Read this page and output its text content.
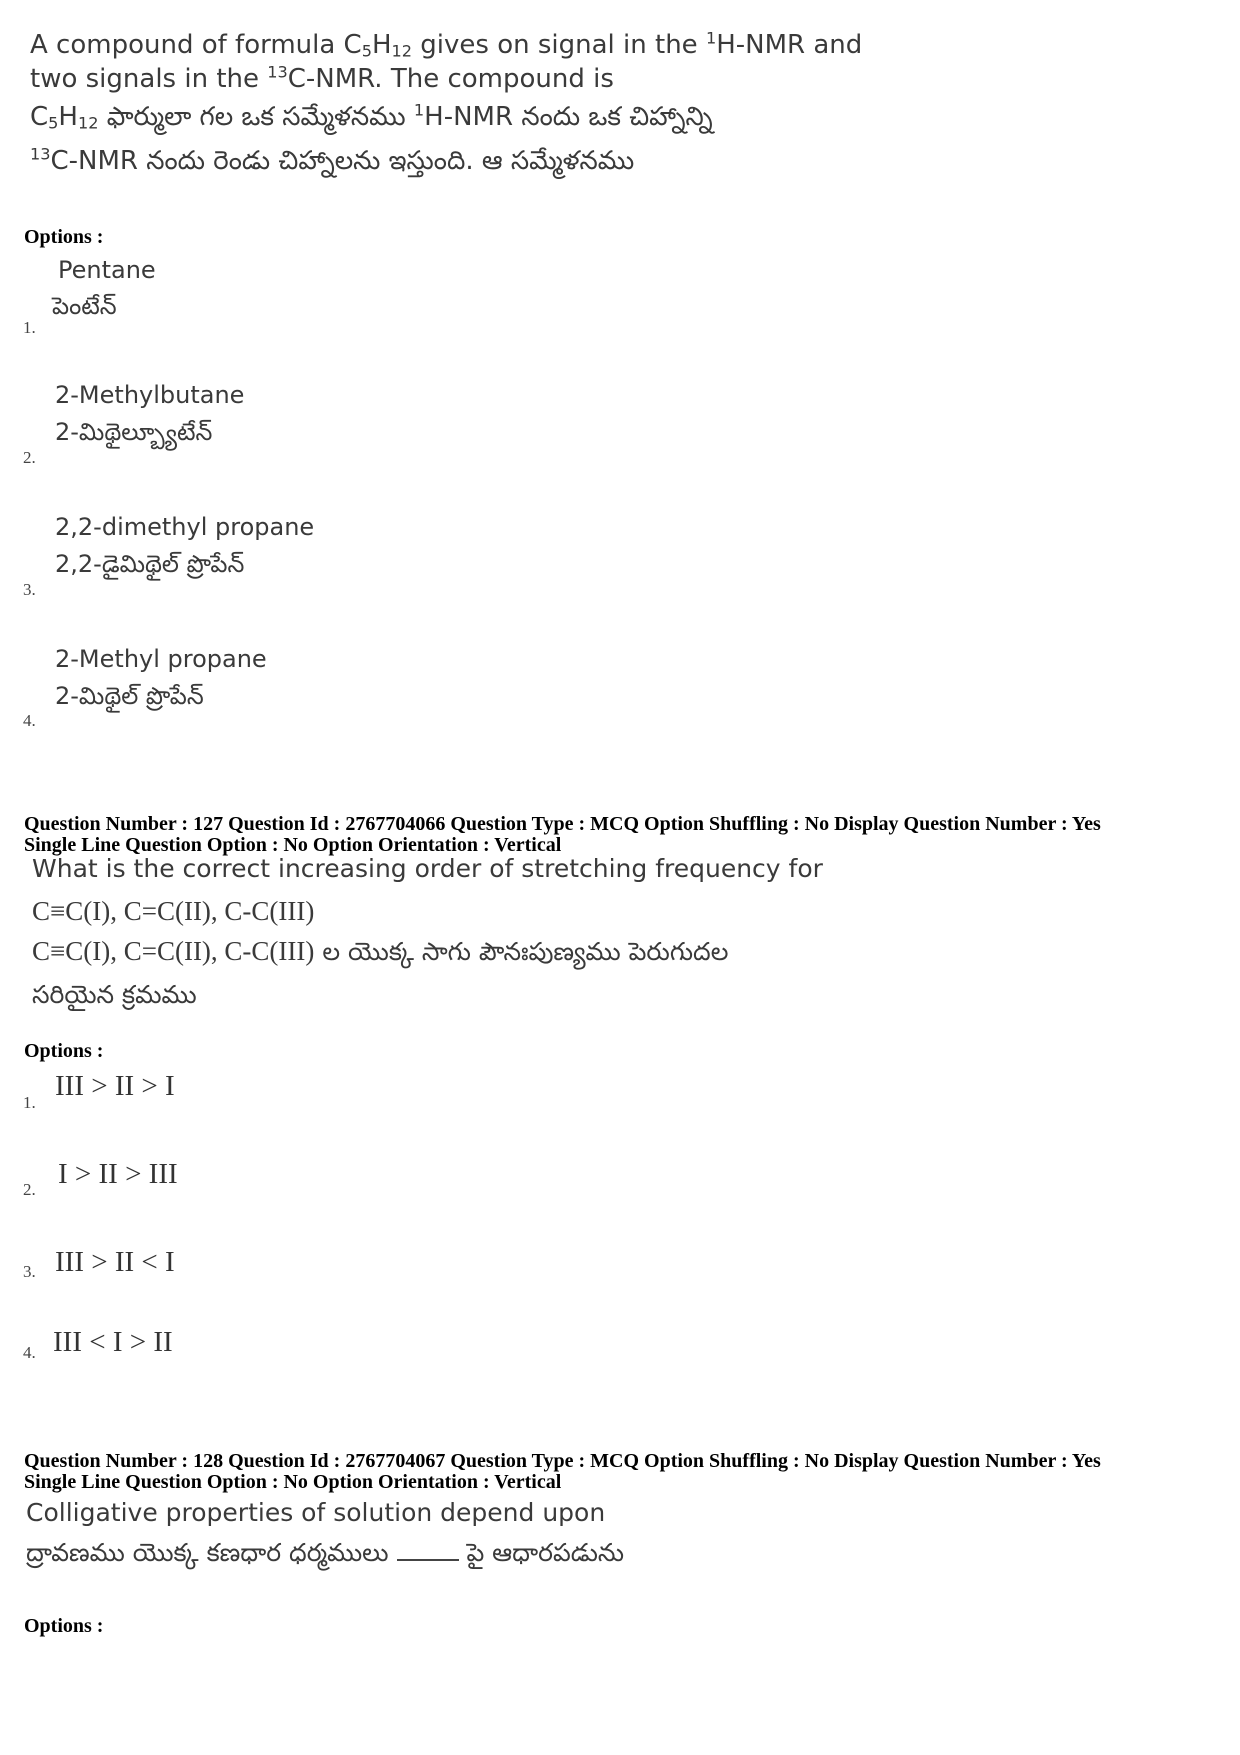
A compound of formula $C_5H_{12}$ gives on signal in the $^1$H-NMR and
two signals in the $^{13}$C-NMR. The compound is
$C_5H_{12}$ ఫార్ములా గల ఒక సమ్మేళనము $^1$H-NMR నందు ఒక చిహ్నాన్ని
$^{13}$C-NMR నందు రెండు చిహ్నాలను ఇస్తుంది. ఆ సమ్మేళనము
Options :
Pentane
పెంటేన్
1.
2-Methylbutane
2-మిథైల్బ్యూటేన్
2.
2,2-dimethyl propane
2,2-డైమిథైల్ ప్రొపేన్
3.
2-Methyl propane
2-మిథైల్ ప్రొపేన్
4.
Question Number : 127 Question Id : 2767704066 Question Type : MCQ Option Shuffling : No Display Question Number : Yes
Single Line Question Option : No Option Orientation : Vertical
What is the correct increasing order of stretching frequency for
C≡C(I), C=C(II), C-C(III)
C≡C(I), C=C(II), C-C(III) ల యొక్క సాగు పౌనఃపుణ్యము పెరుగుదల
సరియైన క్రమము
Options :
III > II > I
1.
I > II > III
2.
III > II < I
3.
III < I > II
4.
Question Number : 128 Question Id : 2767704067 Question Type : MCQ Option Shuffling : No Display Question Number : Yes
Single Line Question Option : No Option Orientation : Vertical
Colligative properties of solution depend upon
ద్రావణము యొక్క కణధార ధర్మములు  పై ఆధారపడును
Options :
